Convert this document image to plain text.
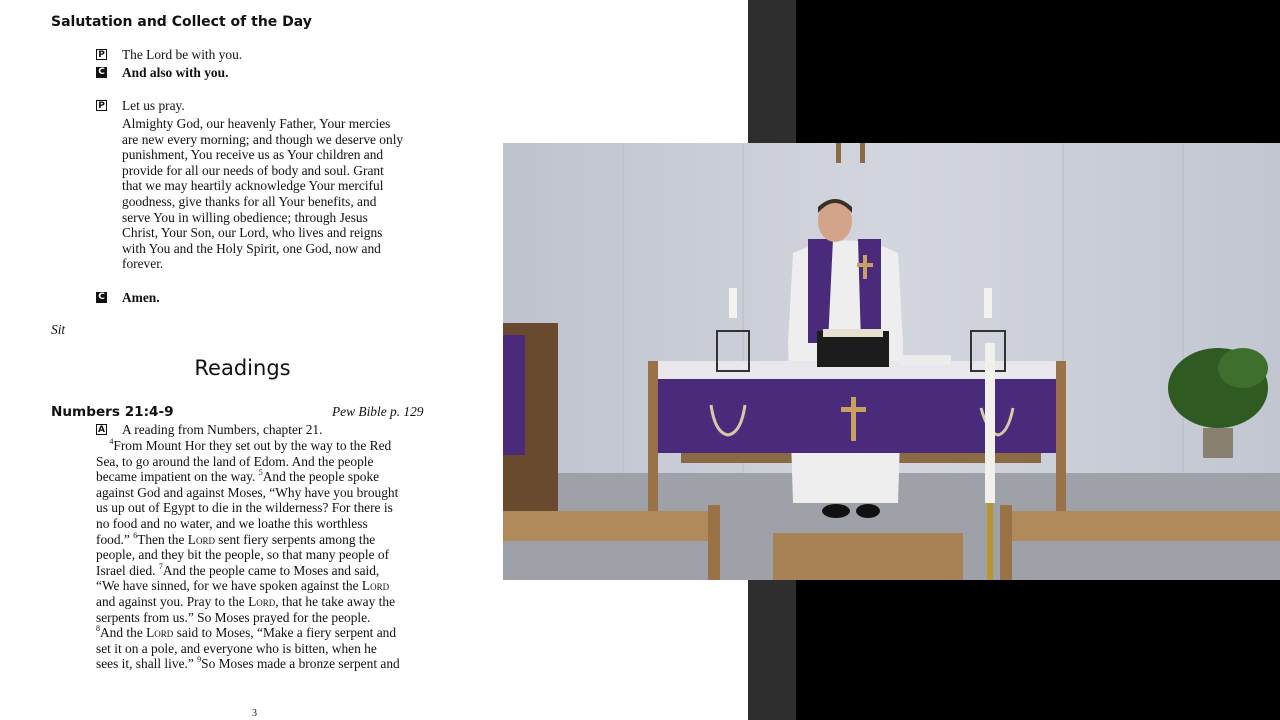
Salutation and Collect of the Day
P The Lord be with you.
C And also with you.
P Let us pray.
Almighty God, our heavenly Father, Your mercies
are new every morning; and though we deserve only
punishment, You receive us as Your children and
provide for all our needs of body and soul. Grant
that we may heartily acknowledge Your merciful
goodness, give thanks for all Your benefits, and
serve You in willing obedience; through Jesus
Christ, Your Son, our Lord, who lives and reigns
with You and the Holy Spirit, one God, now and
forever.
C Amen.
Sit
Readings
Numbers 21:4-9	Pew Bible p. 129
A A reading from Numbers, chapter 21.
$^4$From Mount Hor they set out by the way to the Red
Sea, to go around the land of Edom. And the people
became impatient on the way. $^5$And the people spoke
against God and against Moses, “Why have you brought
us up out of Egypt to die in the wilderness? For there is
no food and no water, and we loathe this worthless
food.” $^6$Then the Lord sent fiery serpents among the
people, and they bit the people, so that many people of
Israel died. $^7$And the people came to Moses and said,
“We have sinned, for we have spoken against the Lord
and against you. Pray to the Lord, that he take away the
serpents from us.” So Moses prayed for the people.
$^8$And the Lord said to Moses, “Make a fiery serpent and
set it on a pole, and everyone who is bitten, when he
sees it, shall live.” $^9$So Moses made a bronze serpent and
3
